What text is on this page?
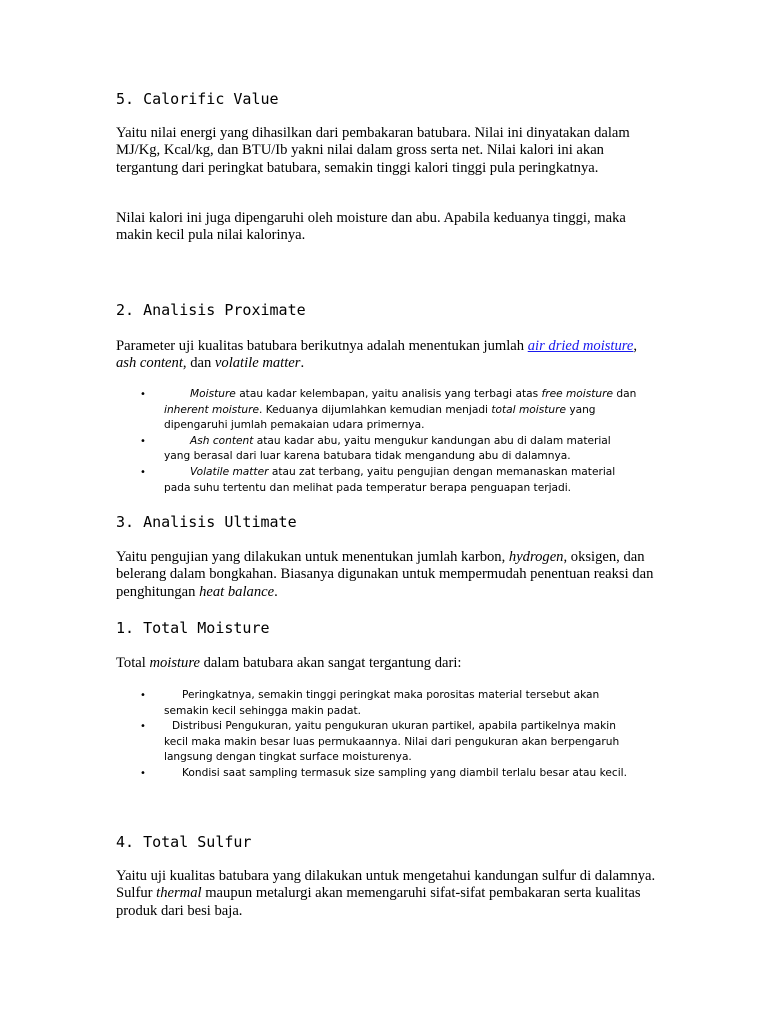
5. Calorific Value

Yaitu nilai energi yang dihasilkan dari pembakaran batubara. Nilai ini dinyatakan dalam MJ/Kg, Kcal/kg, dan BTU/Ib yakni nilai dalam gross serta net. Nilai kalori ini akan tergantung dari peringkat batubara, semakin tinggi kalori tinggi pula peringkatnya.

Nilai kalori ini juga dipengaruhi oleh moisture dan abu. Apabila keduanya tinggi, maka makin kecil pula nilai kalorinya.

2. Analisis Proximate

Parameter uji kualitas batubara berikutnya adalah menentukan jumlah air dried moisture, ash content, dan volatile matter.

•	Moisture atau kadar kelembapan, yaitu analisis yang terbagi atas free moisture dan inherent moisture. Keduanya dijumlahkan kemudian menjadi total moisture yang dipengaruhi jumlah pemakaian udara primernya.
•	Ash content atau kadar abu, yaitu mengukur kandungan abu di dalam material yang berasal dari luar karena batubara tidak mengandung abu di dalamnya.
•	Volatile matter atau zat terbang, yaitu pengujian dengan memanaskan material pada suhu tertentu dan melihat pada temperatur berapa penguapan terjadi.
3. Analisis Ultimate

Yaitu pengujian yang dilakukan untuk menentukan jumlah karbon, hydrogen, oksigen, dan belerang dalam bongkahan. Biasanya digunakan untuk mempermudah penentuan reaksi dan penghitungan heat balance.

1. Total Moisture

Total moisture dalam batubara akan sangat tergantung dari:

•	Peringkatnya, semakin tinggi peringkat maka porositas material tersebut akan semakin kecil sehingga makin padat.
•	Distribusi Pengukuran, yaitu pengukuran ukuran partikel, apabila partikelnya makin kecil maka makin besar luas permukaannya. Nilai dari pengukuran akan berpengaruh langsung dengan tingkat surface moisturenya.
•	Kondisi saat sampling termasuk size sampling yang diambil terlalu besar atau kecil.
4. Total Sulfur

Yaitu uji kualitas batubara yang dilakukan untuk mengetahui kandungan sulfur di dalamnya. Sulfur thermal maupun metalurgi akan memengaruhi sifat-sifat pembakaran serta kualitas produk dari besi baja.
